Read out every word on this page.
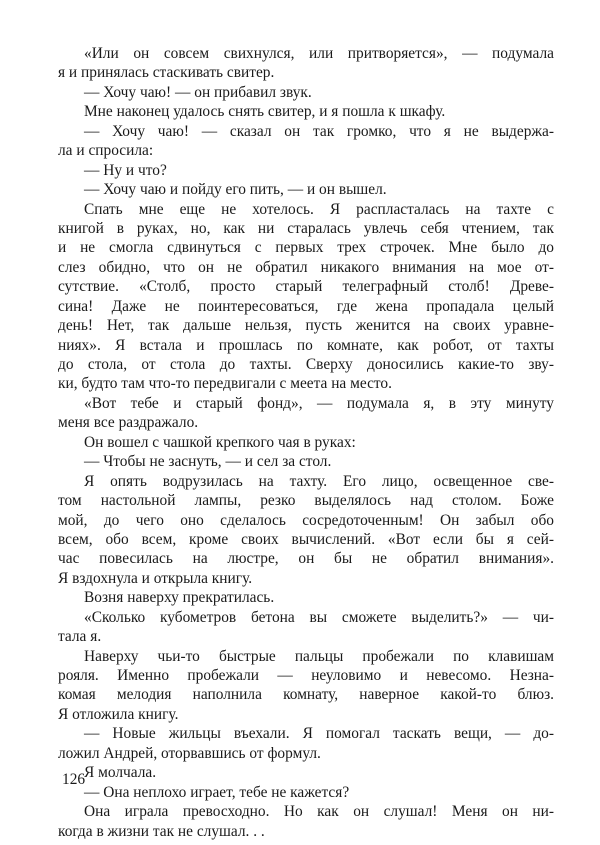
«Или он совсем свихнулся, или притворяется», — подумала
я и принялась стаскивать свитер.
— Хочу чаю! — он прибавил звук.
Мне наконец удалось снять свитер, и я пошла к шкафу.
— Хочу чаю! — сказал он так громко, что я не выдержа-
ла и спросила:
— Ну и что?
— Хочу чаю и пойду его пить, — и он вышел.
Спать мне еще не хотелось. Я распласталась на тахте с
книгой в руках, но, как ни старалась увлечь себя чтением, так
и не смогла сдвинуться с первых трех строчек. Мне было до
слез обидно, что он не обратил никакого внимания на мое от-
сутствие. «Столб, просто старый телеграфный столб! Древе-
сина! Даже не поинтересоваться, где жена пропадала целый
день! Нет, так дальше нельзя, пусть женится на своих уравне-
ниях». Я встала и прошлась по комнате, как робот, от тахты
до стола, от стола до тахты. Сверху доносились какие-то зву-
ки, будто там что-то передвигали с меета на место.
«Вот тебе и старый фонд», — подумала я, в эту минуту
меня все раздражало.
Он вошел с чашкой крепкого чая в руках:
— Чтобы не заснуть, — и сел за стол.
Я опять водрузилась на тахту. Его лицо, освещенное све-
том настольной лампы, резко выделялось над столом. Боже
мой, до чего оно сделалось сосредоточенным! Он забыл обо
всем, обо всем, кроме своих вычислений. «Вот если бы я сей-
час повесилась на люстре, он бы не обратил внимания».
Я вздохнула и открыла книгу.
Возня наверху прекратилась.
«Сколько кубометров бетона вы сможете выделить?» — чи-
тала я.
Наверху чьи-то быстрые пальцы пробежали по клавишам
рояля. Именно пробежали — неуловимо и невесомо. Незна-
комая мелодия наполнила комнату, наверное какой-то блюз.
Я отложила книгу.
— Новые жильцы въехали. Я помогал таскать вещи, — до-
ложил Андрей, оторвавшись от формул.
Я молчала.
— Она неплохо играет, тебе не кажется?
Она играла превосходно. Но как он слушал! Меня он ни-
когда в жизни так не слушал. . .
126
